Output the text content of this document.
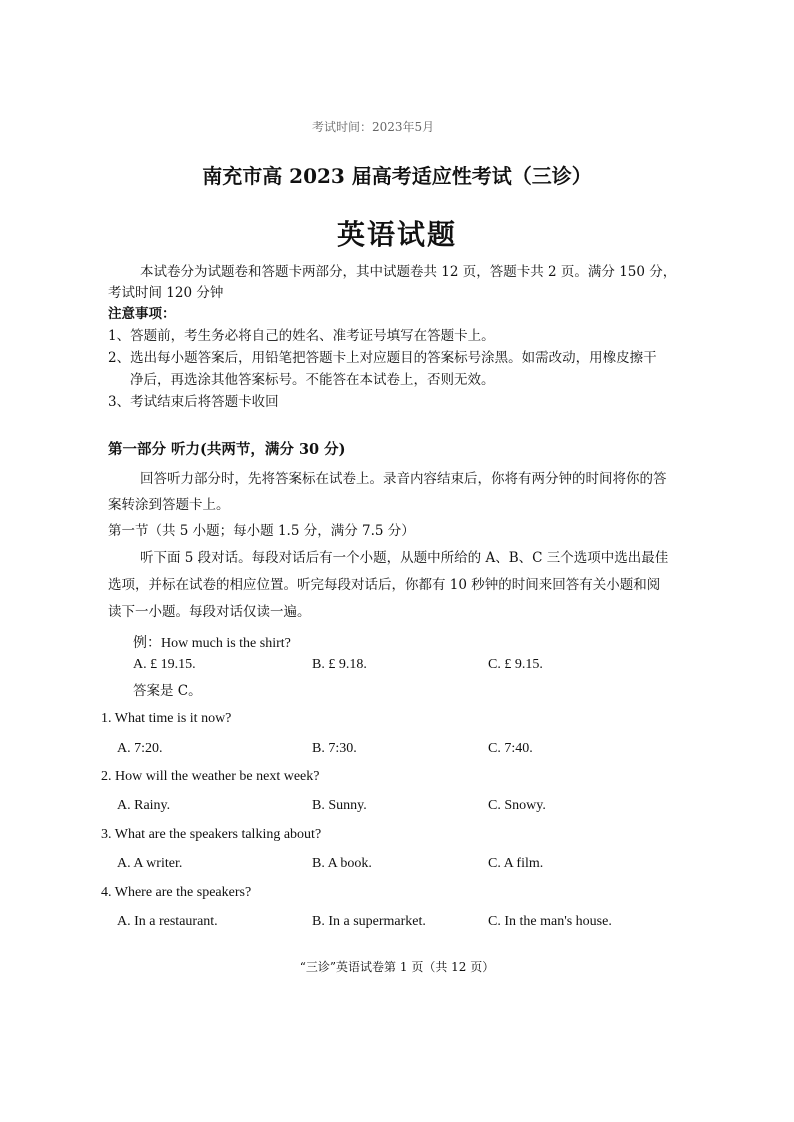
考试时间：2023年5月
南充市高 2023 届高考适应性考试（三诊）
英语试题
本试卷分为试题卷和答题卡两部分，其中试题卷共 12 页，答题卡共 2 页。满分 150 分，
考试时间 120 分钟
注意事项：
1、答题前，考生务必将自己的姓名、准考证号填写在答题卡上。
2、选出每小题答案后，用铅笔把答题卡上对应题目的答案标号涂黑。如需改动，用橡皮擦干
净后，再选涂其他答案标号。不能答在本试卷上，否则无效。
3、考试结束后将答题卡收回
第一部分 听力(共两节，满分 30 分)
回答听力部分时，先将答案标在试卷上。录音内容结束后，你将有两分钟的时间将你的答
案转涂到答题卡上。
第一节（共 5 小题；每小题 1.5 分，满分 7.5 分）
听下面 5 段对话。每段对话后有一个小题，从题中所给的 A、B、C 三个选项中选出最佳
选项，并标在试卷的相应位置。听完每段对话后，你都有 10 秒钟的时间来回答有关小题和阅
读下一小题。每段对话仅读一遍。
例：How much is the shirt?
A. £ 19.15.	B. £ 9.18.	C. £ 9.15.
答案是 C。
1. What time is it now?
A. 7:20.	B. 7:30.	C. 7:40.
2. How will the weather be next week?
A. Rainy.	B. Sunny.	C. Snowy.
3. What are the speakers talking about?
A. A writer.	B. A book.	C. A film.
4. Where are the speakers?
A. In a restaurant.	B. In a supermarket.	C. In the man's house.
“三诊”英语试卷第 1 页（共 12 页）
